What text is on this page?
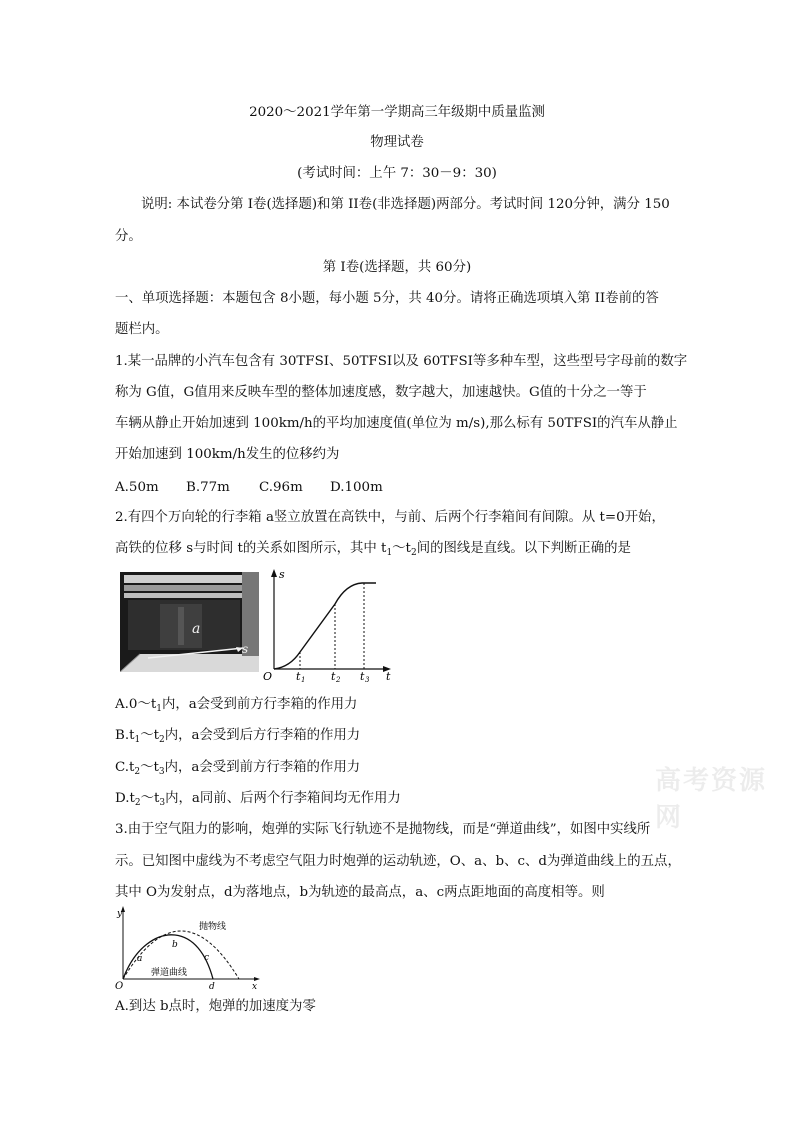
2020～2021学年第一学期高三年级期中质量监测
物理试卷
(考试时间：上午 7：30－9：30)
说明: 本试卷分第 I卷(选择题)和第 II卷(非选择题)两部分。考试时间 120分钟，满分 150
分。
第 I卷(选择题，共 60分)
一、单项选择题：本题包含 8小题，每小题 5分，共 40分。请将正确选项填入第 II卷前的答
题栏内。
1.某一品牌的小汽车包含有 30TFSI、50TFSI以及 60TFSI等多种车型，这些型号字母前的数字
称为 G值，G值用来反映车型的整体加速度感，数字越大，加速越快。G值的十分之一等于
车辆从静止开始加速到 100km/h的平均加速度值(单位为 m/s),那么标有 50TFSI的汽车从静止
开始加速到 100km/h发生的位移约为
A.50m B.77m C.96m D.100m
2.有四个万向轮的行李箱 a竖立放置在高铁中，与前、后两个行李箱间有间隙。从 t=0开始，
高铁的位移 s与时间 t的关系如图所示，其中 $t_1\sim t_2$间的图线是直线。以下判断正确的是
a
s
s
O	t
t 1 t 2 t 3
$A.0\sim t_1$内，a会受到前方行李箱的作用力
$B.t_1\sim t_2$内，a会受到后方行李箱的作用力
$C.t_2\sim t_3$内，a会受到前方行李箱的作用力
$D.t_2\sim t_3$内，a同前、后两个行李箱间均无作用力
高考资源网
3.由于空气阻力的影响，炮弹的实际飞行轨迹不是抛物线，而是“弹道曲线”，如图中实线所
示。已知图中虚线为不考虑空气阻力时炮弹的运动轨迹，O、a、b、c、d为弹道曲线上的五点，
其中 O为发射点，d为落地点，b为轨迹的最高点，a、c两点距地面的高度相等。则
y
x
O
a
b
c
d
抛物线
弹道曲线
A.到达 b点时，炮弹的加速度为零
